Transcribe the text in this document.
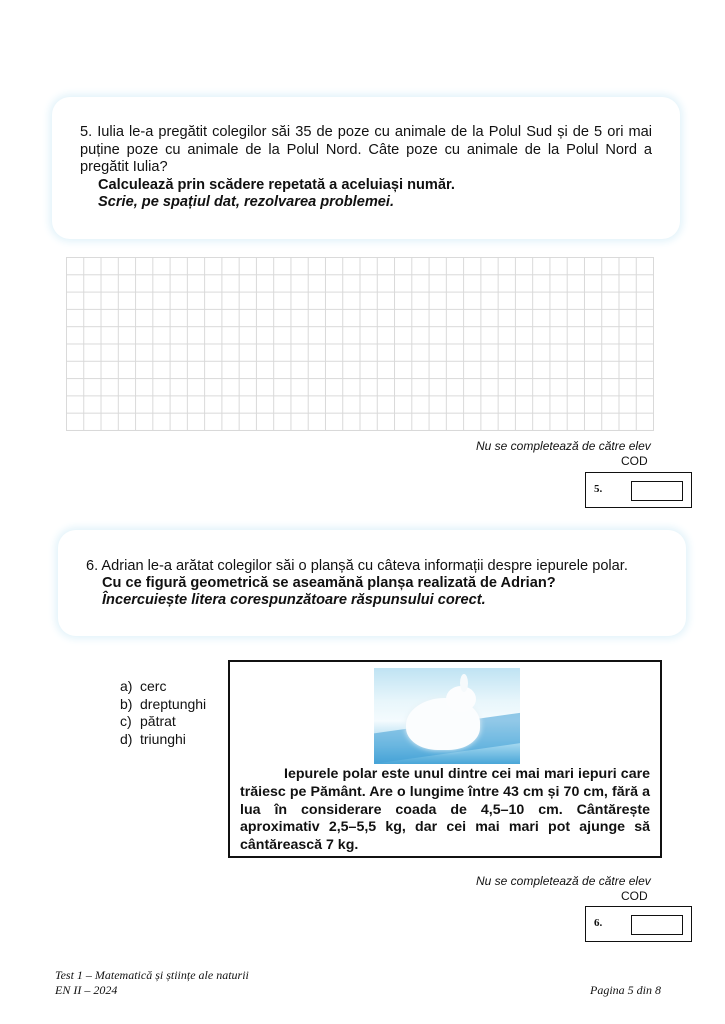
5. Iulia le-a pregătit colegilor săi 35 de poze cu animale de la Polul Sud și de 5 ori mai puține poze cu animale de la Polul Nord. Câte poze cu animale de la Polul Nord a pregătit Iulia?
Calculează prin scădere repetată a aceluiași număr.
Scrie, pe spațiul dat, rezolvarea problemei.
Nu se completează de către elev
COD
5.
6. Adrian le-a arătat colegilor săi o planșă cu câteva informații despre iepurele polar.
Cu ce figură geometrică se aseamănă planșa realizată de Adrian?
Încercuiește litera corespunzătoare răspunsului corect.
a) cerc
b) dreptunghi
c) pătrat
d) triunghi
Iepurele polar este unul dintre cei mai mari iepuri care trăiesc pe Pământ. Are o lungime între 43 cm și 70 cm, fără a lua în considerare coada de 4,5–10 cm. Cântărește aproximativ 2,5–5,5 kg, dar cei mai mari pot ajunge să cântărească 7 kg.
Nu se completează de către elev
COD
6.
Test 1 – Matematică și științe ale naturii
EN II – 2024	Pagina 5 din 8
